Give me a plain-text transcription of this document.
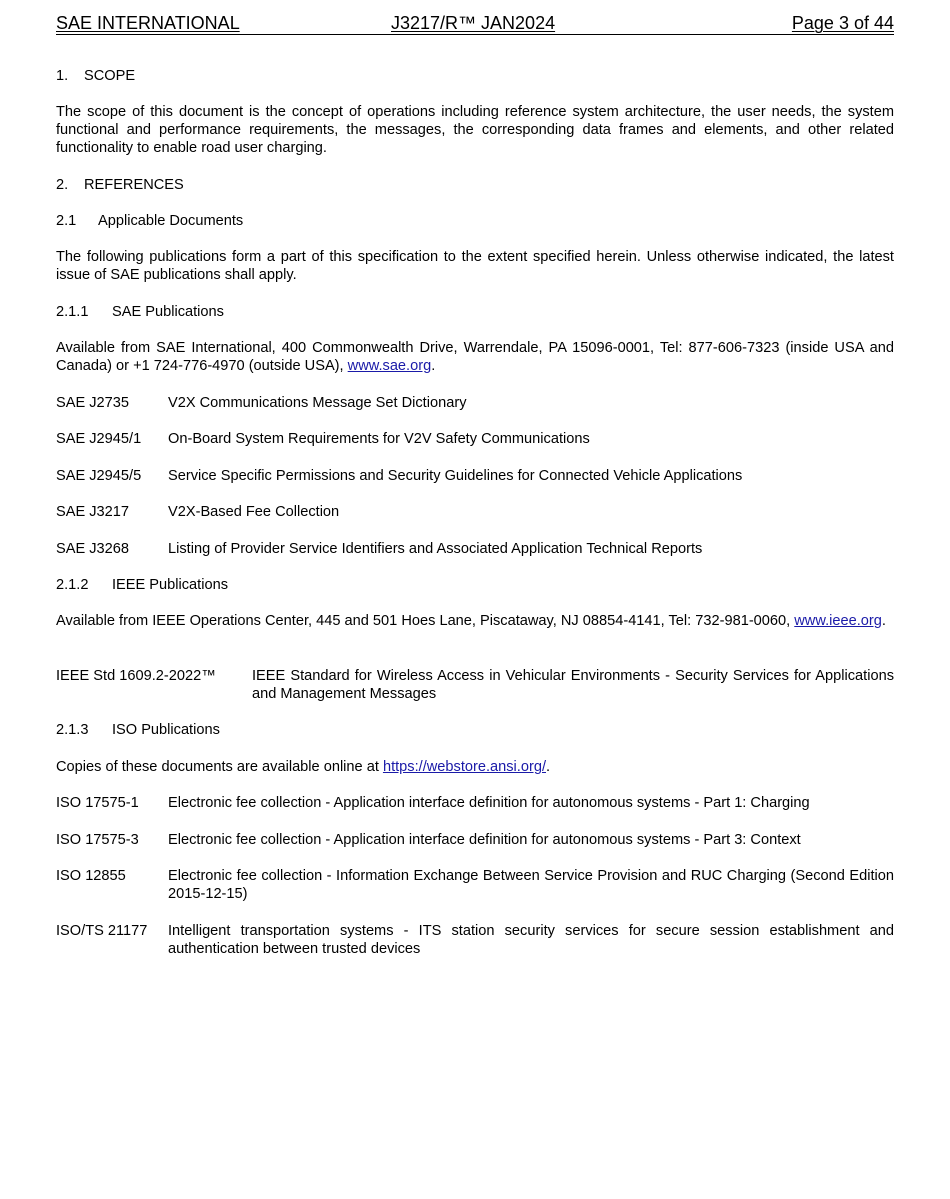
SAE INTERNATIONAL	J3217/R™ JAN2024	Page 3 of 44
1. SCOPE
The scope of this document is the concept of operations including reference system architecture, the user needs, the system functional and performance requirements, the messages, the corresponding data frames and elements, and other related functionality to enable road user charging.
2. REFERENCES
2.1 Applicable Documents
The following publications form a part of this specification to the extent specified herein. Unless otherwise indicated, the latest issue of SAE publications shall apply.
2.1.1 SAE Publications
Available from SAE International, 400 Commonwealth Drive, Warrendale, PA 15096-0001, Tel: 877-606-7323 (inside USA and Canada) or +1 724-776-4970 (outside USA), www.sae.org.
SAE J2735	V2X Communications Message Set Dictionary
SAE J2945/1 On-Board System Requirements for V2V Safety Communications
SAE J2945/5 Service Specific Permissions and Security Guidelines for Connected Vehicle Applications
SAE J3217	V2X-Based Fee Collection
SAE J3268	Listing of Provider Service Identifiers and Associated Application Technical Reports
2.1.2 IEEE Publications
Available from IEEE Operations Center, 445 and 501 Hoes Lane, Piscataway, NJ 08854-4141, Tel: 732-981-0060, www.ieee.org.
IEEE Std 1609.2-2022™ IEEE Standard for Wireless Access in Vehicular Environments - Security Services for Applications and Management Messages
2.1.3 ISO Publications
Copies of these documents are available online at https://webstore.ansi.org/.
ISO 17575-1 Electronic fee collection - Application interface definition for autonomous systems - Part 1: Charging
ISO 17575-3 Electronic fee collection - Application interface definition for autonomous systems - Part 3: Context
ISO 12855	Electronic fee collection - Information Exchange Between Service Provision and RUC Charging (Second Edition 2015-12-15)
ISO/TS 21177 Intelligent transportation systems - ITS station security services for secure session establishment and authentication between trusted devices
